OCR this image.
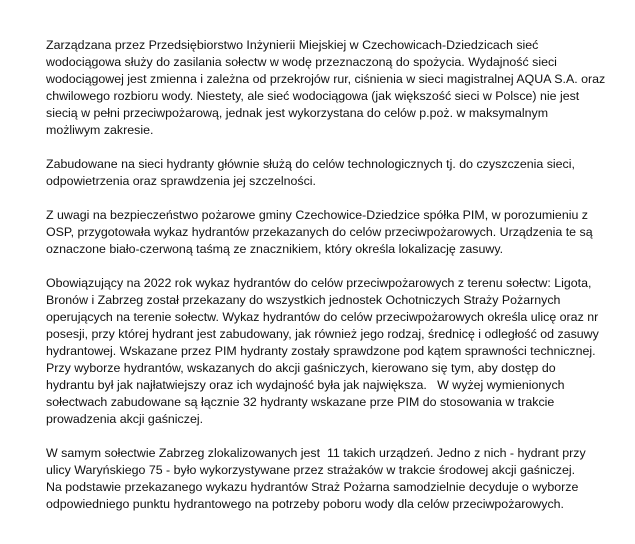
Zarządzana przez Przedsiębiorstwo Inżynierii Miejskiej w Czechowicach-Dziedzicach sieć
wodociągowa służy do zasilania sołectw w wodę przeznaczoną do spożycia. Wydajność sieci
wodociągowej jest zmienna i zależna od przekrojów rur, ciśnienia w sieci magistralnej AQUA S.A. oraz
chwilowego rozbioru wody. Niestety, ale sieć wodociągowa (jak większość sieci w Polsce) nie jest
siecią w pełni przeciwpożarową, jednak jest wykorzystana do celów p.poż. w maksymalnym
możliwym zakresie.

Zabudowane na sieci hydranty głównie służą do celów technologicznych tj. do czyszczenia sieci,
odpowietrzenia oraz sprawdzenia jej szczelności.

Z uwagi na bezpieczeństwo pożarowe gminy Czechowice-Dziedzice spółka PIM, w porozumieniu z
OSP, przygotowała wykaz hydrantów przekazanych do celów przeciwpożarowych. Urządzenia te są
oznaczone biało-czerwoną taśmą ze znacznikiem, który określa lokalizację zasuwy.

Obowiązujący na 2022 rok wykaz hydrantów do celów przeciwpożarowych z terenu sołectw: Ligota,
Bronów i Zabrzeg został przekazany do wszystkich jednostek Ochotniczych Straży Pożarnych
operujących na terenie sołectw. Wykaz hydrantów do celów przeciwpożarowych określa ulicę oraz nr
posesji, przy której hydrant jest zabudowany, jak również jego rodzaj, średnicę i odległość od zasuwy
hydrantowej. Wskazane przez PIM hydranty zostały sprawdzone pod kątem sprawności technicznej.
Przy wyborze hydrantów, wskazanych do akcji gaśniczych, kierowano się tym, aby dostęp do
hydrantu był jak najłatwiejszy oraz ich wydajność była jak największa.   W wyżej wymienionych
sołectwach zabudowane są łącznie 32 hydranty wskazane prze PIM do stosowania w trakcie
prowadzenia akcji gaśniczej.

W samym sołectwie Zabrzeg zlokalizowanych jest  11 takich urządzeń. Jedno z nich - hydrant przy
ulicy Waryńskiego 75 - było wykorzystywane przez strażaków w trakcie środowej akcji gaśniczej.
Na podstawie przekazanego wykazu hydrantów Straż Pożarna samodzielnie decyduje o wyborze
odpowiedniego punktu hydrantowego na potrzeby poboru wody dla celów przeciwpożarowych.
